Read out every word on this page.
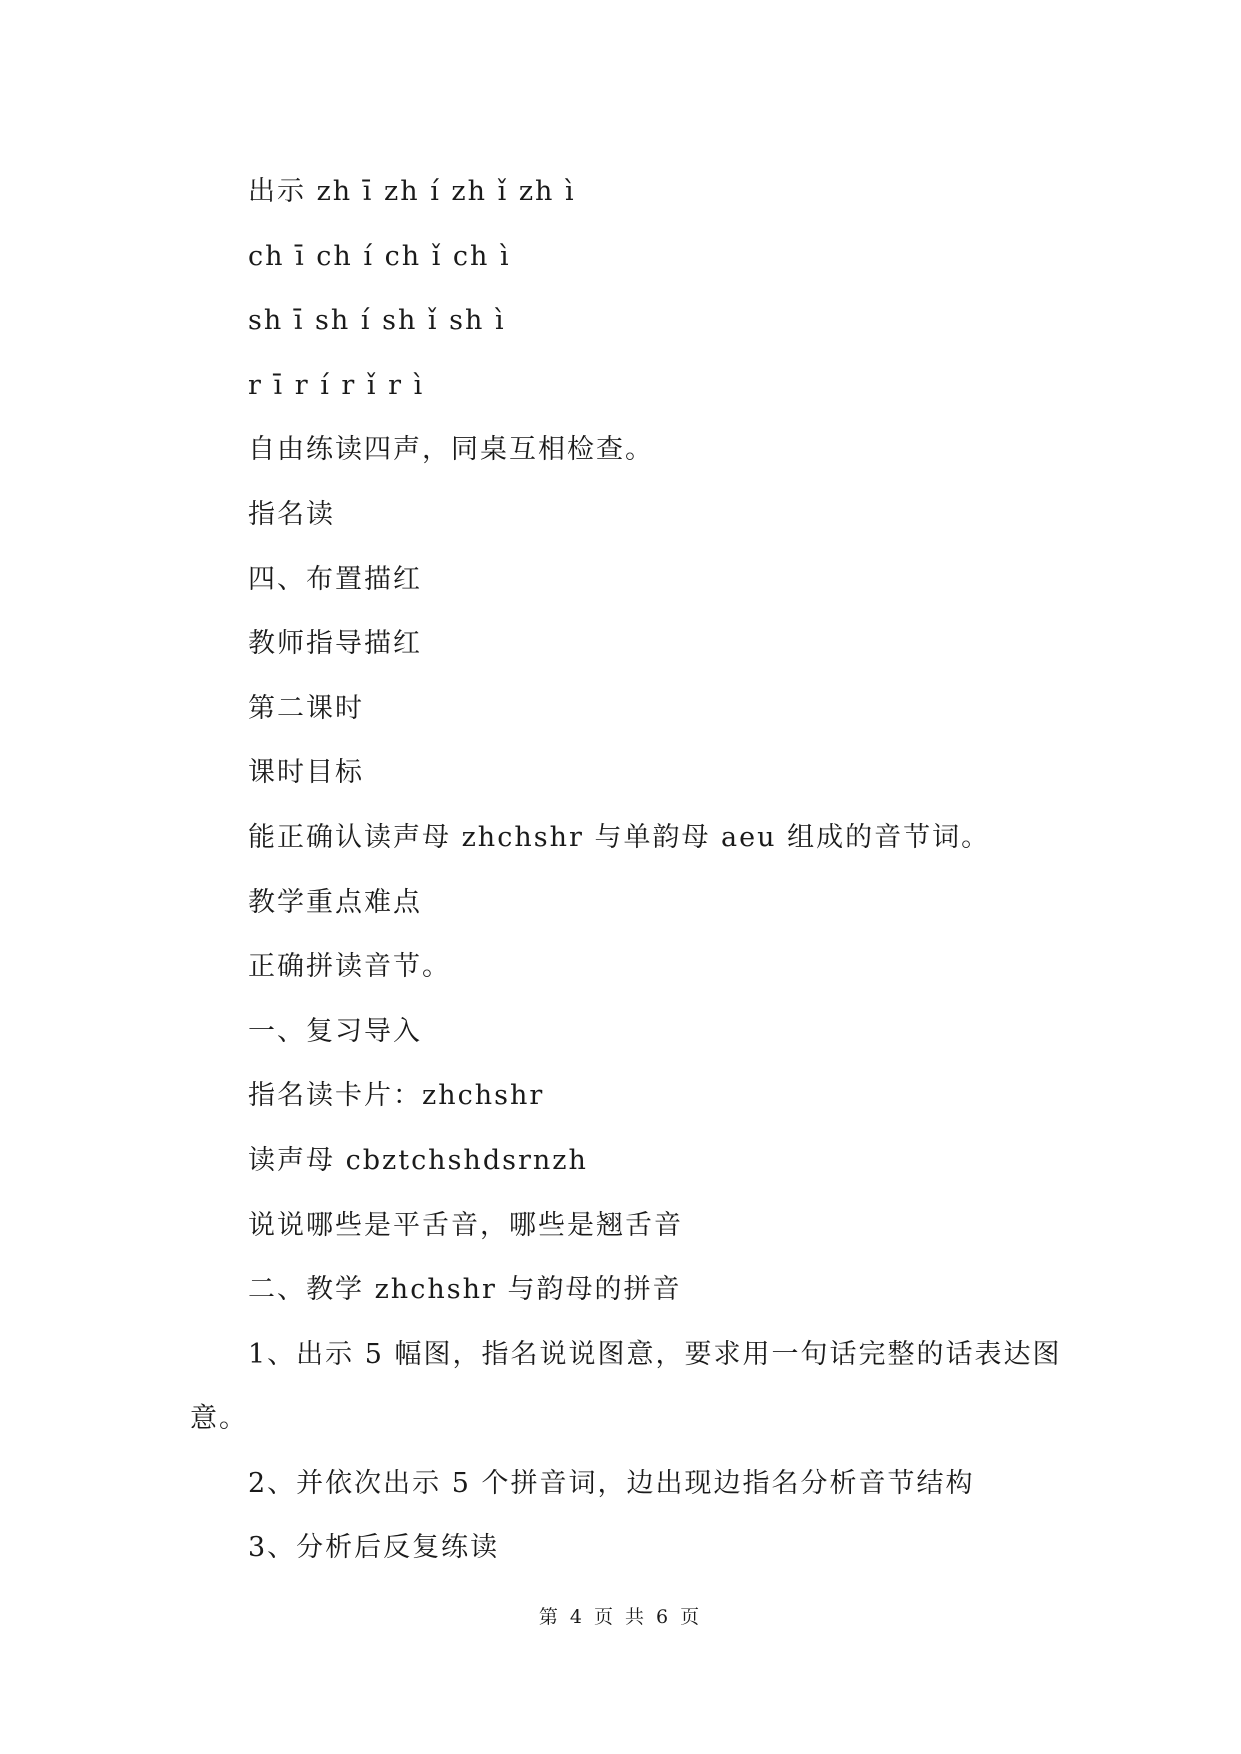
出示 zh ī zh í zh ǐ zh ì
ch ī ch í ch ǐ ch ì
sh ī sh í sh ǐ sh ì
r ī r í r ǐ r ì
自由练读四声，同桌互相检查。
指名读
四、布置描红
教师指导描红
第二课时
课时目标
能正确认读声母 zhchshr 与单韵母 aeu 组成的音节词。
教学重点难点
正确拼读音节。
一、复习导入
指名读卡片：zhchshr
读声母 cbztchshdsrnzh
说说哪些是平舌音，哪些是翘舌音
二、教学 zhchshr 与韵母的拼音
1、出示 5 幅图，指名说说图意，要求用一句话完整的话表达图
意。
2、并依次出示 5 个拼音词，边出现边指名分析音节结构
3、分析后反复练读
第 4 页 共 6 页
